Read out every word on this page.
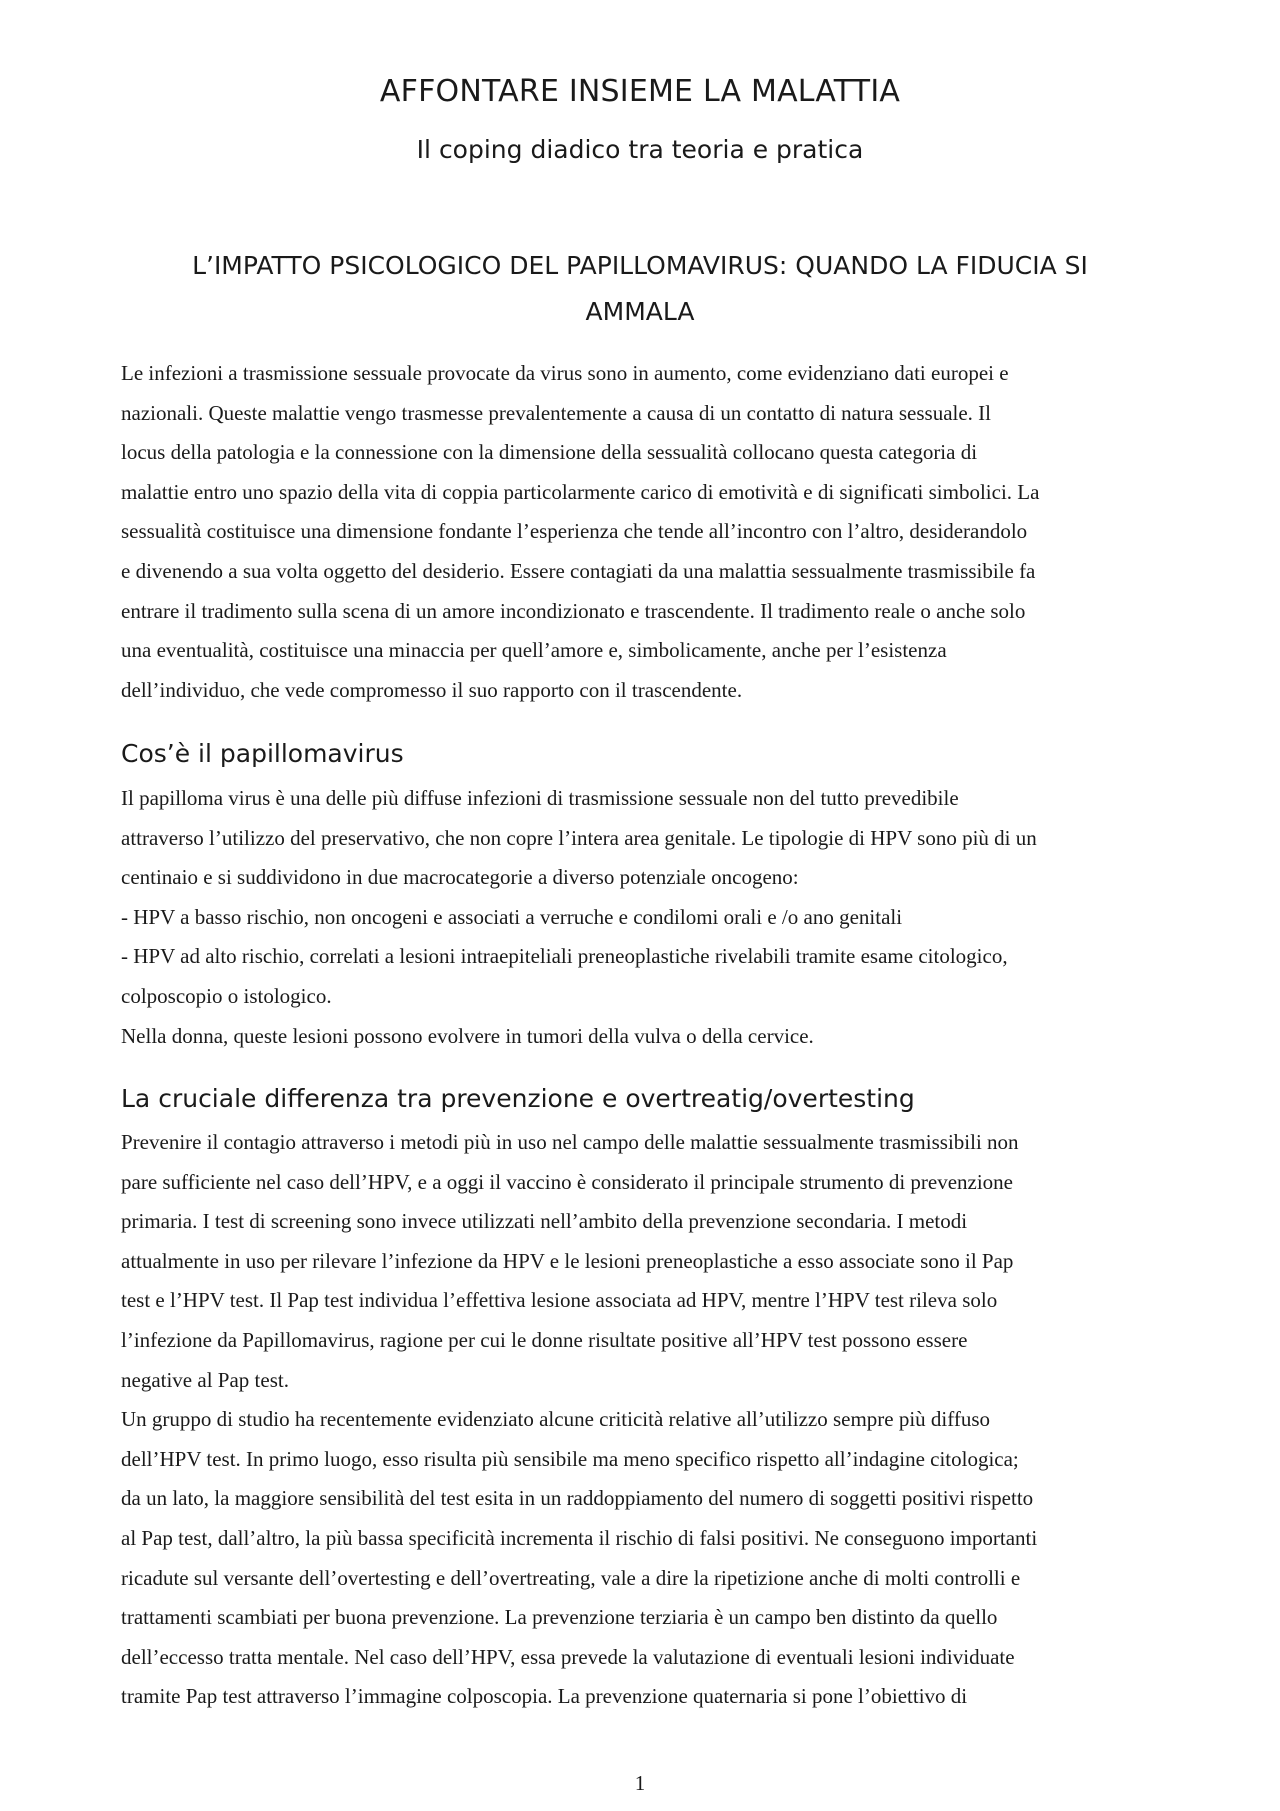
AFFONTARE INSIEME LA MALATTIA
Il coping diadico tra teoria e pratica
L’IMPATTO PSICOLOGICO DEL PAPILLOMAVIRUS: QUANDO LA FIDUCIA SI AMMALA

Le infezioni a trasmissione sessuale provocate da virus sono in aumento, come evidenziano dati europei e

nazionali. Queste malattie vengo trasmesse prevalentemente a causa di un contatto di natura sessuale. Il

locus della patologia e la connessione con la dimensione della sessualità collocano questa categoria di

malattie entro uno spazio della vita di coppia particolarmente carico di emotività e di significati simbolici. La

sessualità costituisce una dimensione fondante l’esperienza che tende all’incontro con l’altro, desiderandolo

e divenendo a sua volta oggetto del desiderio. Essere contagiati da una malattia sessualmente trasmissibile fa

entrare il tradimento sulla scena di un amore incondizionato e trascendente. Il tradimento reale o anche solo

una eventualità, costituisce una minaccia per quell’amore e, simbolicamente, anche per l’esistenza

dell’individuo, che vede compromesso il suo rapporto con il trascendente.

Cos’è il papillomavirus

Il papilloma virus è una delle più diffuse infezioni di trasmissione sessuale non del tutto prevedibile

attraverso l’utilizzo del preservativo, che non copre l’intera area genitale. Le tipologie di HPV sono più di un

centinaio e si suddividono in due macrocategorie a diverso potenziale oncogeno:

- HPV a basso rischio, non oncogeni e associati a verruche e condilomi orali e /o ano genitali

- HPV ad alto rischio, correlati a lesioni intraepiteliali preneoplastiche rivelabili tramite esame citologico,

colposcopio o istologico.

Nella donna, queste lesioni possono evolvere in tumori della vulva o della cervice.

La cruciale differenza tra prevenzione e overtreatig/overtesting

Prevenire il contagio attraverso i metodi più in uso nel campo delle malattie sessualmente trasmissibili non

pare sufficiente nel caso dell’HPV, e a oggi il vaccino è considerato il principale strumento di prevenzione

primaria. I test di screening sono invece utilizzati nell’ambito della prevenzione secondaria. I metodi

attualmente in uso per rilevare l’infezione da HPV e le lesioni preneoplastiche a esso associate sono il Pap

test e l’HPV test. Il Pap test individua l’effettiva lesione associata ad HPV, mentre l’HPV test rileva solo

l’infezione da Papillomavirus, ragione per cui le donne risultate positive all’HPV test possono essere

negative al Pap test.

Un gruppo di studio ha recentemente evidenziato alcune criticità relative all’utilizzo sempre più diffuso

dell’HPV test. In primo luogo, esso risulta più sensibile ma meno specifico rispetto all’indagine citologica;

da un lato, la maggiore sensibilità del test esita in un raddoppiamento del numero di soggetti positivi rispetto

al Pap test, dall’altro, la più bassa specificità incrementa il rischio di falsi positivi. Ne conseguono importanti

ricadute sul versante dell’overtesting e dell’overtreating, vale a dire la ripetizione anche di molti controlli e

trattamenti scambiati per buona prevenzione. La prevenzione terziaria è un campo ben distinto da quello

dell’eccesso tratta mentale. Nel caso dell’HPV, essa prevede la valutazione di eventuali lesioni individuate

tramite Pap test attraverso l’immagine colposcopia. La prevenzione quaternaria si pone l’obiettivo di

1
